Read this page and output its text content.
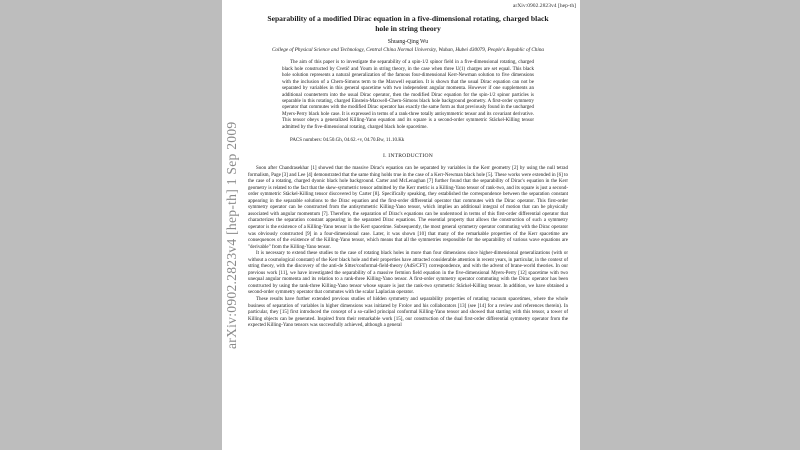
arXiv:0902.2823v4 [hep-th]
arXiv:0902.2823v4 [hep-th] 1 Sep 2009
Separability of a modified Dirac equation in a five-dimensional rotating, charged black hole in string theory
Shuang-Qing Wu
College of Physical Science and Technology, Central China Normal University, Wuhan, Hubei 430079, People's Republic of China
The aim of this paper is to investigate the separability of a spin-1/2 spinor field in a five-dimensional rotating, charged black hole constructed by Cvetič and Youm in string theory, in the case when three U(1) charges are set equal. This black hole solution represents a natural generalization of the famous four-dimensional Kerr-Newman solution to five dimensions with the inclusion of a Chern-Simons term to the Maxwell equation. It is shown that the usual Dirac equation can not be separated by variables in this general spacetime with two independent angular momenta. However if one supplements an additional counterterm into the usual Dirac operator, then the modified Dirac equation for the spin-1/2 spinor particles is separable in this rotating, charged Einstein-Maxwell-Chern-Simons black hole background geometry. A first-order symmetry operator that commutes with the modified Dirac operator has exactly the same form as that previously found in the uncharged Myers-Perry black hole case. It is expressed in terms of a rank-three totally antisymmetric tensor and its covariant derivative. This tensor obeys a generalized Killing-Yano equation and its square is a second-order symmetric Stäckel-Killing tensor admitted by the five-dimensional rotating, charged black hole spacetime.
PACS numbers: 04.50.Gh, 04.62.+v, 04.70.Bw, 11.10.Kk
I. INTRODUCTION

Soon after Chandrasekhar [1] showed that the massive Dirac's equation can be separated by variables in the Kerr geometry [2] by using the null tetrad formalism, Page [3] and Lee [4] demonstrated that the same thing holds true in the case of a Kerr-Newman black hole [5]. These works were extended in [6] to the case of a rotating, charged dyonic black hole background. Carter and McLenaghan [7] further found that the separability of Dirac's equation in the Kerr geometry is related to the fact that the skew-symmetric tensor admitted by the Kerr metric is a Killing-Yano tensor of rank-two, and its square is just a second-order symmetric Stäckel-Killing tensor discovered by Carter [8]. Specifically speaking, they established the correspondence between the separation constant appearing in the separable solutions to the Dirac equation and the first-order differential operator that commutes with the Dirac operator. This first-order symmetry operator can be constructed from the antisymmetric Killing-Yano tensor, which implies an additional integral of motion that can be physically associated with angular momentum [7]. Therefore, the separation of Dirac's equations can be understood in terms of this first-order differential operator that characterizes the separation constant appearing in the separated Dirac equations. The essential property that allows the construction of such a symmetry operator is the existence of a Killing-Yano tensor in the Kerr spacetime. Subsequently, the most general symmetry operator commuting with the Dirac operator was obviously constructed [9] in a four-dimensional case. Later, it was shown [10] that many of the remarkable properties of the Kerr spacetime are consequences of the existence of the Killing-Yano tensor, which means that all the symmetries responsible for the separability of various wave equations are "derivable" from the Killing-Yano tensor.

It is necessary to extend these studies to the case of rotating black holes in more than four dimensions since higher-dimensional generalizations (with or without a cosmological constant) of the Kerr black hole and their properties have attracted considerable attention in recent years, in particular, in the context of string theory, with the discovery of the anti-de Sitter/conformal-field-theory (AdS/CFT) correspondence, and with the advent of brane-world theories. In our previous work [11], we have investigated the separability of a massive fermion field equation in the five-dimensional Myers-Perry [12] spacetime with two unequal angular momenta and its relation to a rank-three Killing-Yano tensor. A first-order symmetry operator commuting with the Dirac operator has been constructed by using the rank-three Killing-Yano tensor whose square is just the rank-two symmetric Stäckel-Killing tensor. In addition, we have obtained a second-order symmetry operator that commutes with the scalar Laplacian operator.

These results have further extended previous studies of hidden symmetry and separability properties of rotating vacuum spacetimes, where the whole business of separation of variables in higher dimensions was initiated by Frolov and his collaborators [13] (see [14] for a review and references therein). In particular, they [15] first introduced the concept of a so-called principal conformal Killing-Yano tensor and showed that starting with this tensor, a tower of Killing objects can be generated. Inspired from their remarkable work [15], our construction of the dual first-order differential symmetry operator from the expected Killing-Yano tensors was successfully achieved, although a general
